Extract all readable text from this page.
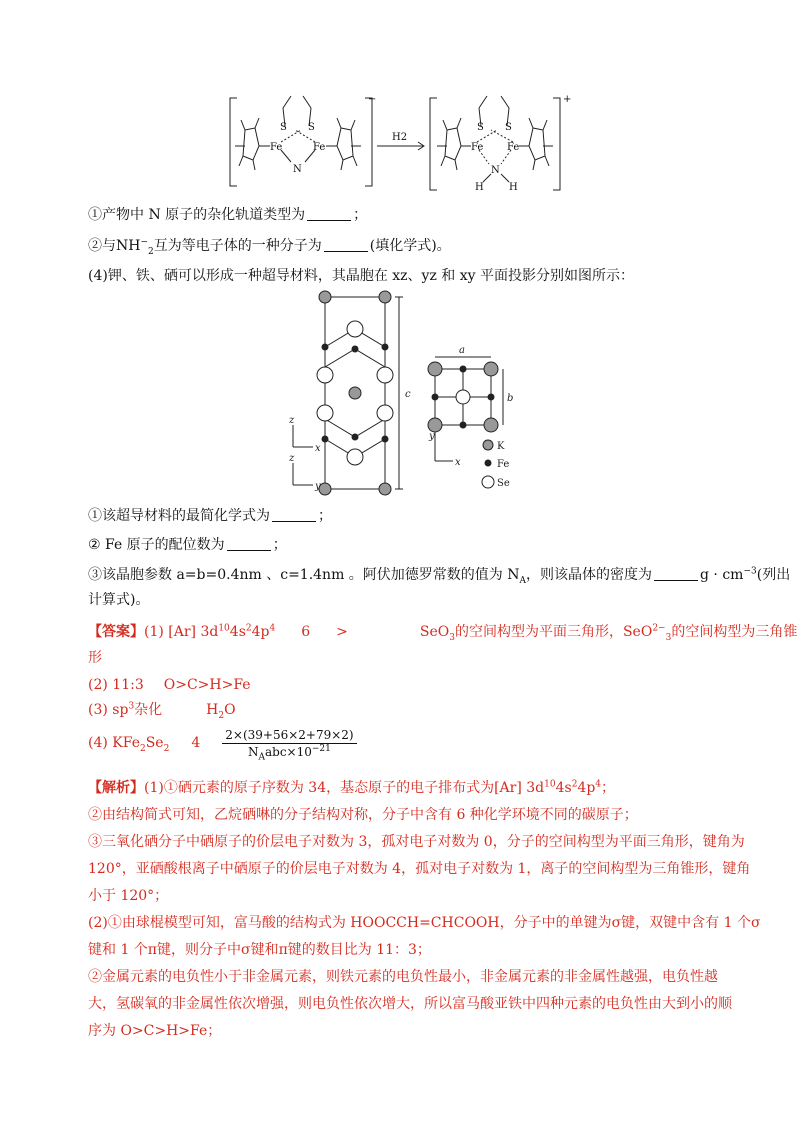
−	+
H2
S S
Fe	Fe
N
S S
Fe Fe
N
H	H
①产物中 N 原子的杂化轨道类型为	；
②与$NH^-_2$互为等电子体的一种分子为	(填化学式)。
(4)钾、铁、硒可以形成一种超导材料，其晶胞在 xz、yz 和 xy 平面投影分别如图所示：
c
a
b
z
x
z
y
y
x
K
Fe
Se
①该超导材料的最简化学式为	；
② Fe 原子的配位数为	；
③该晶胞参数 a=b=0.4nm 、c=1.4nm 。阿伏加德罗常数的值为 $N_A$，则该晶体的密度为	$g \cdot cm^{-3}$(列出
计算式)。
【答案】(1) [Ar] $3d^{10}4s^24p^4$ 6 >	SeO$_3$的空间构型为平面三角形，SeO$^{2-}_3$的空间构型为三角锥
形
(2) 11:3 O>C>H>Fe
(3) $sp^3$杂化	$H_2O$
(4) $KFe_2Se_2$ $4 \frac{2\times(39+56\times 2+79\times 2)}{N_Aabc\times 10^{-21}}$
【解析】(1)①硒元素的原子序数为 34，基态原子的电子排布式为[Ar] $3d^{10}4s^24p^4$；
②由结构简式可知，乙烷硒啉的分子结构对称，分子中含有 6 种化学环境不同的碳原子；
③三氧化硒分子中硒原子的价层电子对数为 3，孤对电子对数为 0，分子的空间构型为平面三角形，键角为
120°，亚硒酸根离子中硒原子的价层电子对数为 4，孤对电子对数为 1，离子的空间构型为三角锥形，键角
小于 120°；
(2)①由球棍模型可知，富马酸的结构式为 HOOCCH=CHCOOH，分子中的单键为σ键，双键中含有 1 个σ
键和 1 个π键，则分子中σ键和π键的数目比为 11：3；
②金属元素的电负性小于非金属元素，则铁元素的电负性最小，非金属元素的非金属性越强，电负性越
大，氢碳氧的非金属性依次增强，则电负性依次增大，所以富马酸亚铁中四种元素的电负性由大到小的顺
序为 O>C>H>Fe；
